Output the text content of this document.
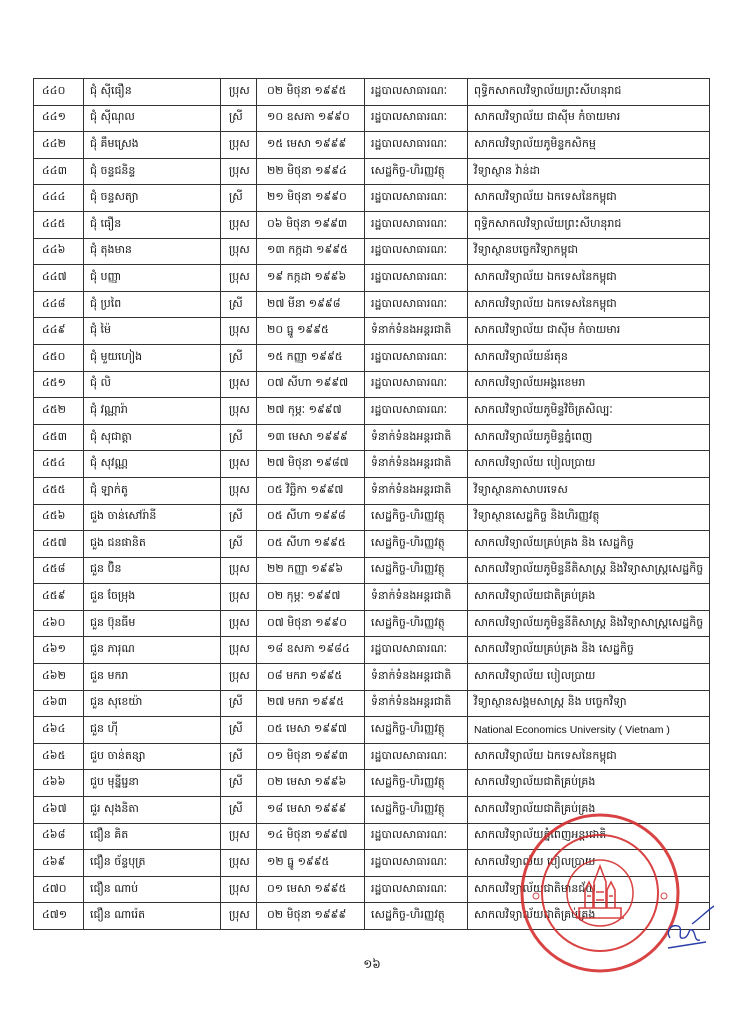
៤៤០	ជុំ ស៊ីធឿន	ប្រុស	០២ មិថុនា ១៩៩៥	រដ្ឋបាលសាធារណៈ	ពុទ្ធិកសាកលវិទ្យាល័យព្រះសីហនុរាជ
៤៤១	ជុំ ស៊ីណុល	ស្រី	១០ ឧសភា ១៩៩០	រដ្ឋបាលសាធារណៈ	សាកលវិទ្យាល័យ ជាស៊ីម កំចាយមារ
៤៤២	ជុំ គឹមស្រេង	ប្រុស	១៥ មេសា ១៩៩៩	រដ្ឋបាលសាធារណៈ	សាកលវិទ្យាល័យភូមិន្ទកសិកម្ម
៤៤៣	ជុំ ចន្ទជនិន្ទ	ប្រុស	២២ មិថុនា ១៩៩៤	សេដ្ឋកិច្ច-ហិរញ្ញវត្ថុ	វិទ្យាស្ថាន វ៉ាន់ដា
៤៤៤	ជុំ ចន្ទសត្យា	ស្រី	២១ មិថុនា ១៩៩០	រដ្ឋបាលសាធារណៈ	សាកលវិទ្យាល័យ ឯកទេសនៃកម្ពុជា
៤៤៥	ជុំ ធឿន	ប្រុស	០៦ មិថុនា ១៩៩៣	រដ្ឋបាលសាធារណៈ	ពុទ្ធិកសាកលវិទ្យាល័យព្រះសីហនុរាជ
៤៤៦	ជុំ តុងមាន	ប្រុស	១៣ កក្កដា ១៩៩៥	រដ្ឋបាលសាធារណៈ	វិទ្យាស្ថានបច្ចេកវិទ្យាកម្ពុជា
៤៤៧	ជុំ បញ្ញា	ប្រុស	១៩ កក្កដា ១៩៩៦	រដ្ឋបាលសាធារណៈ	សាកលវិទ្យាល័យ ឯកទេសនៃកម្ពុជា
៤៤៨	ជុំ ប្រពៃ	ស្រី	២៧ មីនា ១៩៩៨	រដ្ឋបាលសាធារណៈ	សាកលវិទ្យាល័យ ឯកទេសនៃកម្ពុជា
៤៤៩	ជុំ ម៉ៃ	ប្រុស	២០ ធ្នូ ១៩៩៥	ទំនាក់ទំនងអន្តរជាតិ	សាកលវិទ្យាល័យ ជាស៊ីម កំចាយមារ
៤៥០	ជុំ មួយហៀង	ស្រី	១៥ កញ្ញា ១៩៩៥	រដ្ឋបាលសាធារណៈ	សាកលវិទ្យាល័យន័រតុន
៤៥១	ជុំ លិ	ប្រុស	០៧ សីហា ១៩៩៧	រដ្ឋបាលសាធារណៈ	សាកលវិទ្យាល័យអង្គរខេមរា
៤៥២	ជុំ វណ្ណារ៉ា	ប្រុស	២៧ កុម្ភៈ ១៩៩៧	រដ្ឋបាលសាធារណៈ	សាកលវិទ្យាល័យភូមិន្ទវិចិត្រសិល្បៈ
៤៥៣	ជុំ សុជាត្តា	ស្រី	១៣ មេសា ១៩៩៩	ទំនាក់ទំនងអន្តរជាតិ	សាកលវិទ្យាល័យភូមិន្ទភ្នំពេញ
៤៥៤	ជុំ សុវណ្ណ	ប្រុស	២៧ មិថុនា ១៩៨៧	ទំនាក់ទំនងអន្តរជាតិ	សាកលវិទ្យាល័យ បៀលប្រាយ
៤៥៥	ជុំ ឡាក់តូ	ប្រុស	០៥ វិច្ឆិកា ១៩៩៧	ទំនាក់ទំនងអន្តរជាតិ	វិទ្យាស្ថានភាសាបរទេស
៤៥៦	ជួង ចាន់សៅរ៉ានី	ស្រី	០៥ សីហា ១៩៩៨	សេដ្ឋកិច្ច-ហិរញ្ញវត្ថុ	វិទ្យាស្ថានសេដ្ឋកិច្ច និងហិរញ្ញវត្ថុ
៤៥៧	ជួង ជនផានិត	ស្រី	០៥ សីហា ១៩៩៥	សេដ្ឋកិច្ច-ហិរញ្ញវត្ថុ	សាកលវិទ្យាល័យគ្រប់គ្រង និង សេដ្ឋកិច្ច
៤៥៨	ជួន ប៊ិន	ប្រុស	២២ កញ្ញា ១៩៩៦	សេដ្ឋកិច្ច-ហិរញ្ញវត្ថុ	សាកលវិទ្យាល័យភូមិន្ទនីតិសាស្ត្រ និងវិទ្យាសាស្ត្រសេដ្ឋកិច្ច
៤៥៩	ជួន ចែម្រុង	ប្រុស	០២ កុម្ភៈ ១៩៩៧	ទំនាក់ទំនងអន្តរជាតិ	សាកលវិទ្យាល័យជាតិគ្រប់គ្រង
៤៦០	ជួន ប៊ុនធីម	ប្រុស	០៧ មិថុនា ១៩៩០	សេដ្ឋកិច្ច-ហិរញ្ញវត្ថុ	សាកលវិទ្យាល័យភូមិន្ទនីតិសាស្ត្រ និងវិទ្យាសាស្ត្រសេដ្ឋកិច្ច
៤៦១	ជួន ភារុណ	ប្រុស	១៨ ឧសភា ១៩៨៤	រដ្ឋបាលសាធារណៈ	សាកលវិទ្យាល័យគ្រប់គ្រង និង សេដ្ឋកិច្ច
៤៦២	ជួន មករា	ប្រុស	០៨ មករា ១៩៩៥	ទំនាក់ទំនងអន្តរជាតិ	សាកលវិទ្យាល័យ បៀលប្រាយ
៤៦៣	ជួន សុខេយ៉ា	ស្រី	២៧ មករា ១៩៩៥	ទំនាក់ទំនងអន្តរជាតិ	វិទ្យាស្ថានសង្គមសាស្ត្រ និង បច្ចេកវិទ្យា
៤៦៤	ជួន ហ៊ី	ស្រី	០៥ មេសា ១៩៩៧	សេដ្ឋកិច្ច-ហិរញ្ញវត្ថុ	National Economics University ( Vietnam )
៤៦៥	ជួប ចាន់តន្សា	ស្រី	០១ មិថុនា ១៩៩៣	រដ្ឋបាលសាធារណៈ	សាកលវិទ្យាល័យ ឯកទេសនៃកម្ពុជា
៤៦៦	ជួប មុន្នីរ្ជេនា	ស្រី	០២ មេសា ១៩៩៦	សេដ្ឋកិច្ច-ហិរញ្ញវត្ថុ	សាកលវិទ្យាល័យជាតិគ្រប់គ្រង
៤៦៧	ជួរ សុងនិតា	ស្រី	១៨ មេសា ១៩៩៩	សេដ្ឋកិច្ច-ហិរញ្ញវត្ថុ	សាកលវិទ្យាល័យជាតិគ្រប់គ្រង
៤៦៨	ជឿន គិត	ប្រុស	១៤ មិថុនា ១៩៩៧	រដ្ឋបាលសាធារណៈ	សាកលវិទ្យាល័យភ្នំពេញអន្តរជាតិ
៤៦៩	ជឿន ច័ន្ទបុត្រ	ប្រុស	១២ ធ្នូ ១៩៩៥	រដ្ឋបាលសាធារណៈ	សាកលវិទ្យាល័យ បៀលប្រាយ
៤៧០	ជឿន ណាប់	ប្រុស	០១ មេសា ១៩៩៥	រដ្ឋបាលសាធារណៈ	សាកលវិទ្យាល័យជាតិមានជ័យ
៤៧១	ជឿន ណារ៉េត	ប្រុស	០២ មិថុនា ១៩៩៩	សេដ្ឋកិច្ច-ហិរញ្ញវត្ថុ	សាកលវិទ្យាល័យជាតិគ្រប់គ្រង
១៦
